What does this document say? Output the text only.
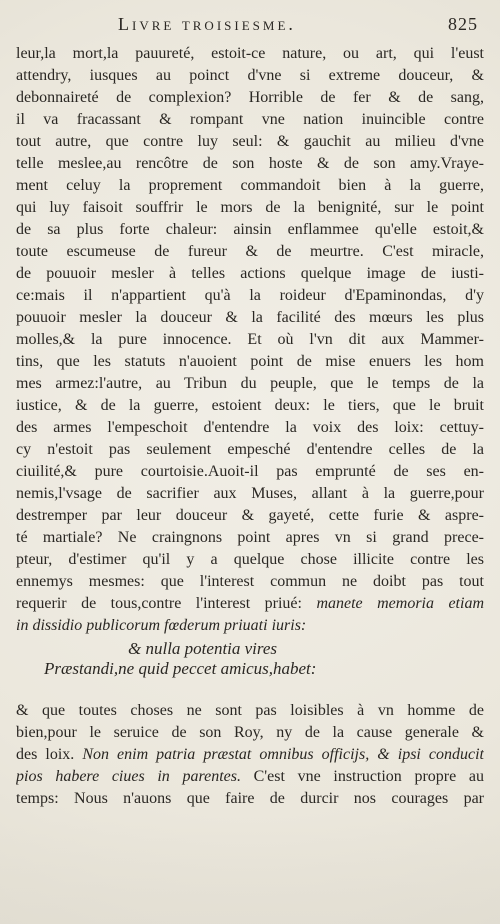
Livre troisiesme.	825
leur,la mort,la pauureté, estoit-ce nature, ou art, qui l'eust
attendry, iusques au poinct d'vne si extreme douceur, &
debonnaireté de complexion? Horrible de fer & de sang,
il va fracassant & rompant vne nation inuincible contre
tout autre, que contre luy seul: & gauchit au milieu d'vne
telle meslee,au rencôtre de son hoste & de son amy.Vraye-
ment celuy la proprement commandoit bien à la guerre,
qui luy faisoit souffrir le mors de la benignité, sur le point
de sa plus forte chaleur: ainsin enflammee qu'elle estoit,&
toute escumeuse de fureur & de meurtre. C'est miracle,
de pouuoir mesler à telles actions quelque image de iusti-
ce:mais il n'appartient qu'à la roideur d'Epaminondas, d'y
pouuoir mesler la douceur & la facilité des mœurs les plus
molles,& la pure innocence. Et où l'vn dit aux Mammer-
tins, que les statuts n'auoient point de mise enuers les hom
mes armez:l'autre, au Tribun du peuple, que le temps de la
iustice, & de la guerre, estoient deux: le tiers, que le bruit
des armes l'empeschoit d'entendre la voix des loix: cettuy-
cy n'estoit pas seulement empesché d'entendre celles de la
ciuilité,& pure courtoisie.Auoit-il pas emprunté de ses en-
nemis,l'vsage de sacrifier aux Muses, allant à la guerre,pour
destremper par leur douceur & gayeté, cette furie & aspre-
té martiale? Ne craingnons point apres vn si grand prece-
pteur, d'estimer qu'il y a quelque chose illicite contre les
ennemys mesmes: que l'interest commun ne doibt pas tout
requerir de tous,contre l'interest priué: manete memoria etiam
in dissidio publicorum fœderum priuati iuris:
& nulla potentia vires
Præstandi,ne quid peccet amicus,habet:
& que toutes choses ne sont pas loisibles à vn homme de
bien,pour le seruice de son Roy, ny de la cause generale &
des loix. Non enim patria præstat omnibus officijs, & ipsi conducit
pios habere ciues in parentes. C'est vne instruction propre au
temps: Nous n'auons que faire de durcir nos courages par
